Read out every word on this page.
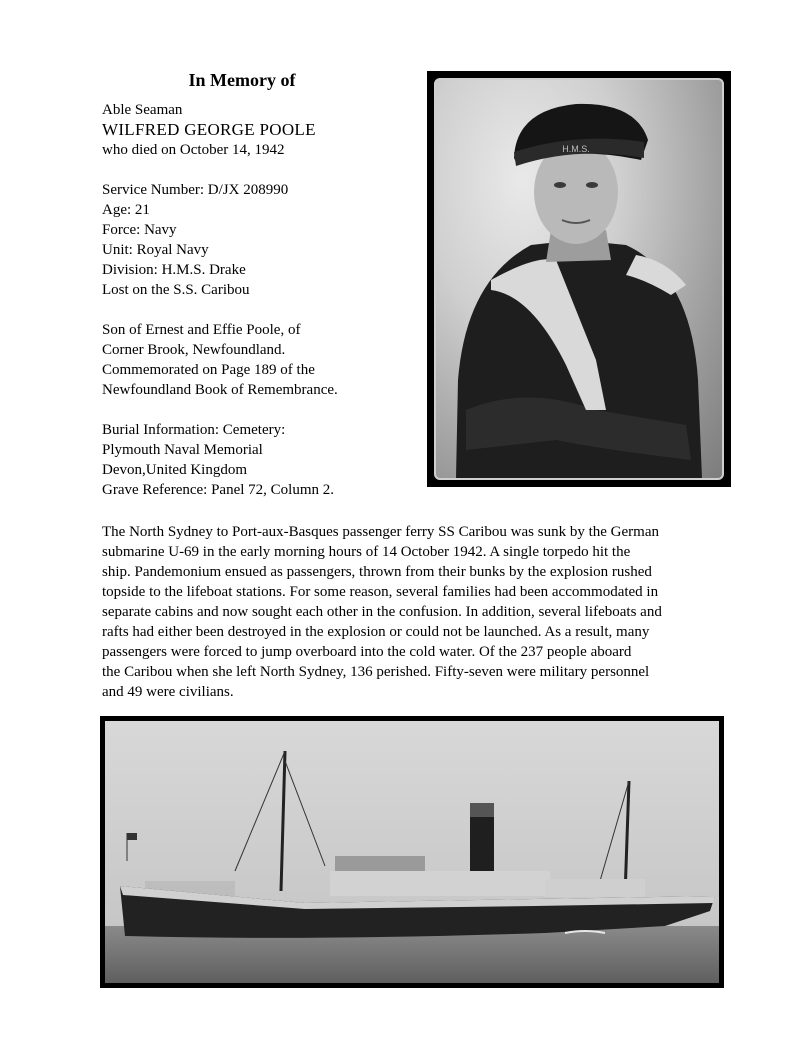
In Memory of
Able Seaman
WILFRED GEORGE POOLE
who died on October 14, 1942
Service Number: D/JX 208990
Age: 21
Force: Navy
Unit: Royal Navy
Division: H.M.S. Drake
Lost on the S.S. Caribou
Son of Ernest and Effie Poole, of
Corner Brook, Newfoundland.
Commemorated on Page 189 of the
Newfoundland Book of Remembrance.
Burial Information: Cemetery:
Plymouth Naval Memorial
Devon,United Kingdom
Grave Reference: Panel 72, Column 2.
H.M.S.
The North Sydney to Port-aux-Basques passenger ferry SS Caribou was sunk by the German
submarine U-69 in the early morning hours of 14 October 1942. A single torpedo hit the
ship. Pandemonium ensued as passengers, thrown from their bunks by the explosion rushed
topside to the lifeboat stations. For some reason, several families had been accommodated in
separate cabins and now sought each other in the confusion. In addition, several lifeboats and
rafts had either been destroyed in the explosion or could not be launched. As a result, many
passengers were forced to jump overboard into the cold water. Of the 237 people aboard
the Caribou when she left North Sydney, 136 perished. Fifty-seven were military personnel
and 49 were civilians.
